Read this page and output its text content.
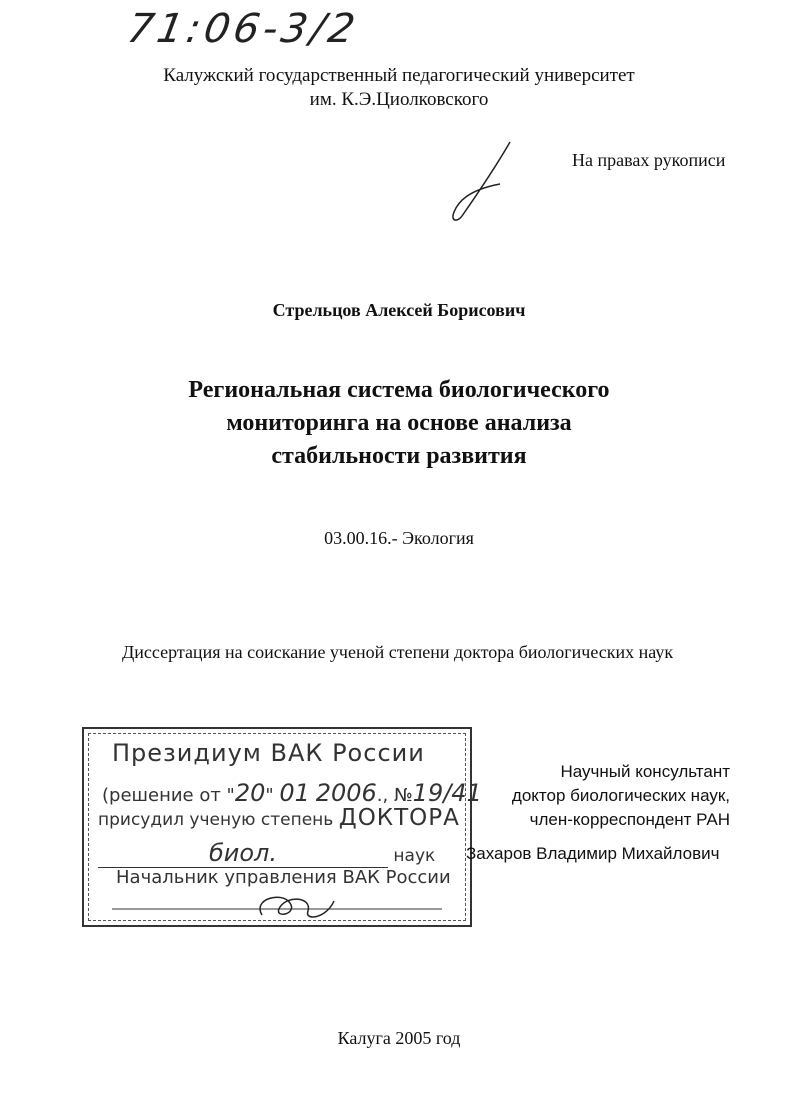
71:06-3/2
Калужский государственный педагогический университет
им. К.Э.Циолковского
На правах рукописи
Стрельцов Алексей Борисович
Региональная система биологического
мониторинга на основе анализа
стабильности развития
03.00.16.- Экология
Диссертация на соискание ученой степени доктора биологических наук
Президиум ВАК России
(решение от "20" 01 2006., №19/41
присудил ученую степень ДОКТОРА
биол.	наук
Начальник управления ВАК России
Научный консультант
доктор биологических наук,
член-корреспондент РАН
Захаров Владимир Михайлович
Калуга 2005 год
